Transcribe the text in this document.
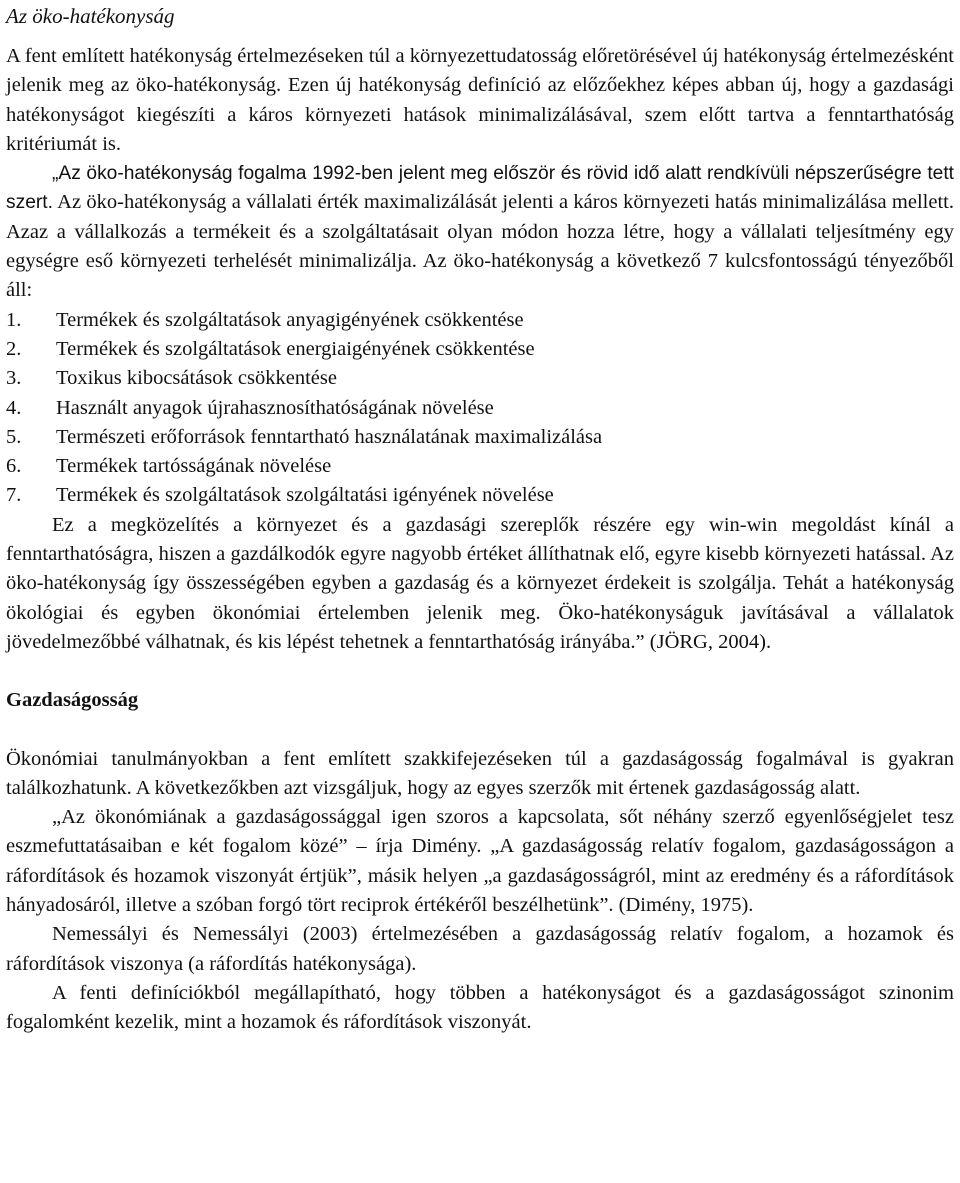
Az öko-hatékonyság

A fent említett hatékonyság értelmezéseken túl a környezettudatosság előretörésével új hatékonyság értelmezésként jelenik meg az öko-hatékonyság. Ezen új hatékonyság definíció az előzőekhez képes abban új, hogy a gazdasági hatékonyságot kiegészíti a káros környezeti hatások minimalizálásával, szem előtt tartva a fenntarthatóság kritériumát is.

„Az öko-hatékonyság fogalma 1992-ben jelent meg először és rövid idő alatt rendkívüli népszerűségre tett szert. Az öko-hatékonyság a vállalati érték maximalizálását jelenti a káros környezeti hatás minimalizálása mellett. Azaz a vállalkozás a termékeit és a szolgáltatásait olyan módon hozza létre, hogy a vállalati teljesítmény egy egységre eső környezeti terhelését minimalizálja. Az öko-hatékonyság a következő 7 kulcsfontosságú tényezőből áll:

1.	Termékek és szolgáltatások anyagigényének csökkentése
2.	Termékek és szolgáltatások energiaigényének csökkentése
3.	Toxikus kibocsátások csökkentése
4.	Használt anyagok újrahasznosíthatóságának növelése
5.	Természeti erőforrások fenntartható használatának maximalizálása
6.	Termékek tartósságának növelése
7.	Termékek és szolgáltatások szolgáltatási igényének növelése

Ez a megközelítés a környezet és a gazdasági szereplők részére egy win-win megoldást kínál a fenntarthatóságra, hiszen a gazdálkodók egyre nagyobb értéket állíthatnak elő, egyre kisebb környezeti hatással. Az öko-hatékonyság így összességében egyben a gazdaság és a környezet érdekeit is szolgálja. Tehát a hatékonyság ökológiai és egyben ökonómiai értelemben jelenik meg. Öko-hatékonyságuk javításával a vállalatok jövedelmezőbbé válhatnak, és kis lépést tehetnek a fenntarthatóság irányába.” (JÖRG, 2004).

Gazdaságosság

Ökonómiai tanulmányokban a fent említett szakkifejezéseken túl a gazdaságosság fogalmával is gyakran találkozhatunk. A következőkben azt vizsgáljuk, hogy az egyes szerzők mit értenek gazdaságosság alatt.

„Az ökonómiának a gazdaságossággal igen szoros a kapcsolata, sőt néhány szerző egyenlőségjelet tesz eszmefuttatásaiban e két fogalom közé” – írja Dimény. „A gazdaságosság relatív fogalom, gazdaságosságon a ráfordítások és hozamok viszonyát értjük”, másik helyen „a gazdaságosságról, mint az eredmény és a ráfordítások hányadosáról, illetve a szóban forgó tört reciprok értékéről beszélhetünk”. (Dimény, 1975).

Nemessályi és Nemessályi (2003) értelmezésében a gazdaságosság relatív fogalom, a hozamok és ráfordítások viszonya (a ráfordítás hatékonysága).

A fenti definíciókból megállapítható, hogy többen a hatékonyságot és a gazdaságosságot szinonim fogalomként kezelik, mint a hozamok és ráfordítások viszonyát.
